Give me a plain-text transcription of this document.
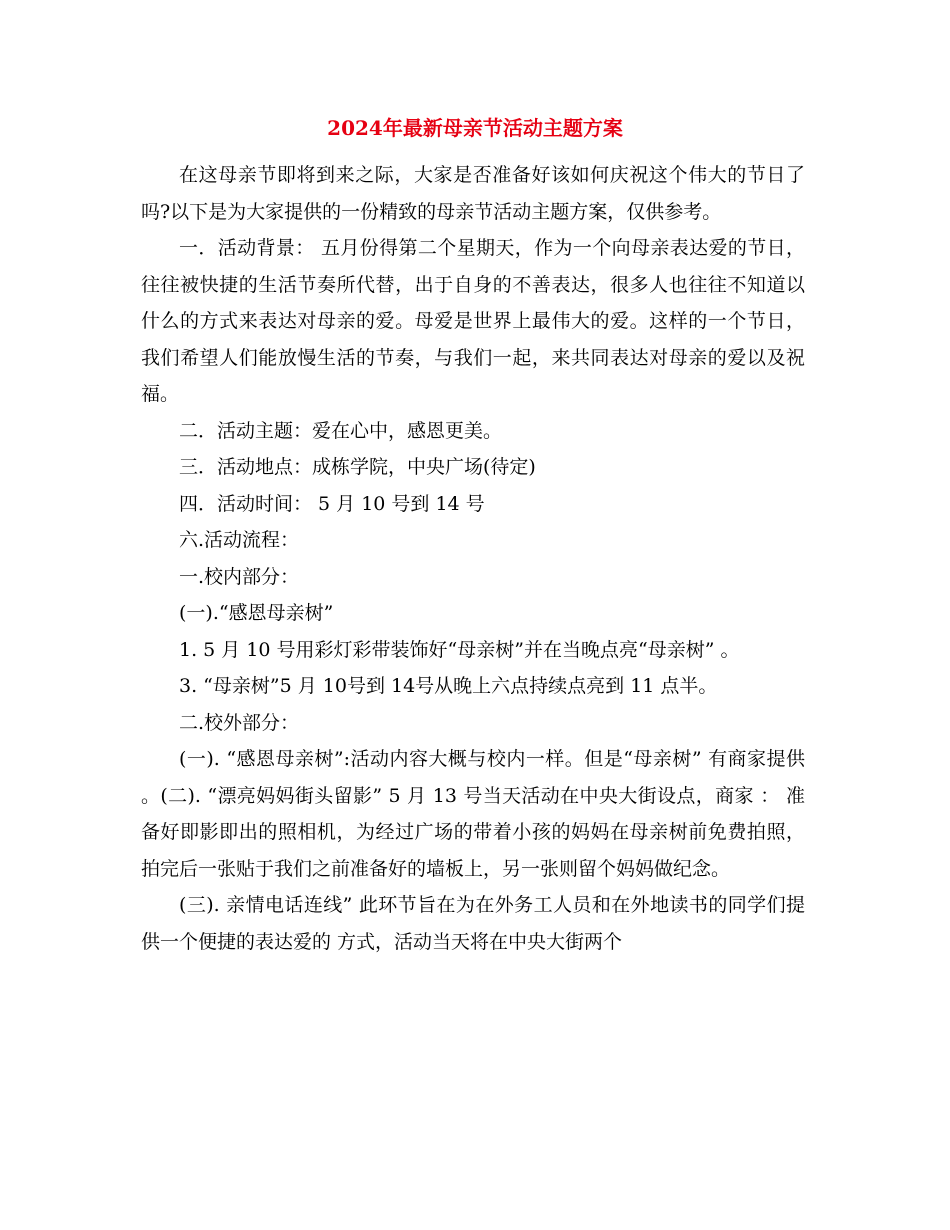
2024年最新母亲节活动主题方案

在这母亲节即将到来之际，大家是否准备好该如何庆祝这个伟大的节日了吗?以下是为大家提供的一份精致的母亲节活动主题方案，仅供参考。

一．活动背景： 五月份得第二个星期天，作为一个向母亲表达爱的节日，往往被快捷的生活节奏所代替，出于自身的不善表达，很多人也往往不知道以 什么的方式来表达对母亲的爱。母爱是世界上最伟大的爱。这样的一个节日， 我们希望人们能放慢生活的节奏，与我们一起，来共同表达对母亲的爱以及祝福。

二．活动主题：爱在心中，感恩更美。

三．活动地点：成栋学院，中央广场(待定)

四．活动时间： 5 月 10 号到 14 号

六.活动流程：

一.校内部分：

(一).“感恩母亲树”

1. 5 月 10 号用彩灯彩带装饰好“母亲树”并在当晚点亮“母亲树” 。

3. “母亲树”5 月 10号到 14号从晚上六点持续点亮到 11 点半。

二.校外部分：

(一). “感恩母亲树”:活动内容大概与校内一样。但是“母亲树” 有商家提供 。(二). “漂亮妈妈街头留影” 5 月 13 号当天活动在中央大街设点，商家 ： 准备好即影即出的照相机，为经过广场的带着小孩的妈妈在母亲树前免费拍照， 拍完后一张贴于我们之前准备好的墙板上，另一张则留个妈妈做纪念。

(三). 亲情电话连线” 此环节旨在为在外务工人员和在外地读书的同学们提供一个便捷的表达爱的 方式，活动当天将在中央大街两个
